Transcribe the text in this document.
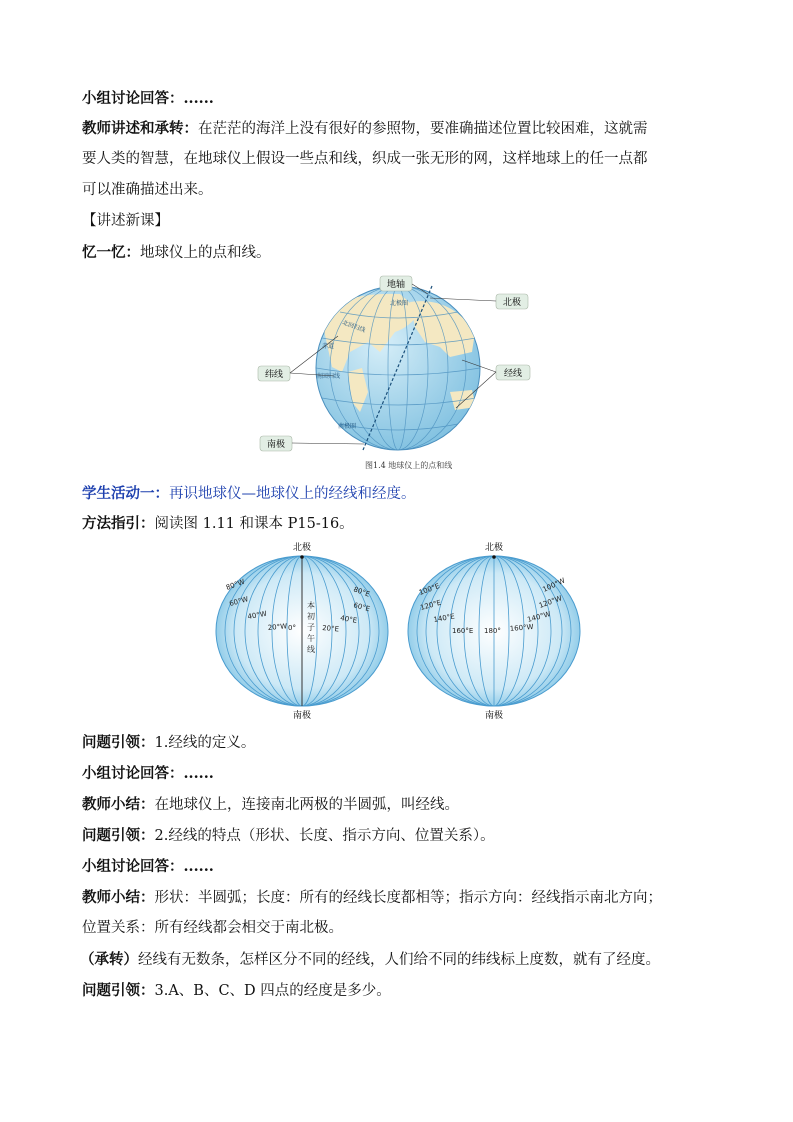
小组讨论回答：......
教师讲述和承转：在茫茫的海洋上没有很好的参照物，要准确描述位置比较困难，这就需
要人类的智慧，在地球仪上假设一些点和线，织成一张无形的网，这样地球上的任一点都
可以准确描述出来。
【讲述新课】
忆一忆：地球仪上的点和线。
北极圈
北回归线
赤道
南回归线
南极圈
地轴
北极
纬线	经线
南极
图1.4 地球仪上的点和线
学生活动一：再识地球仪—地球仪上的经线和经度。
方法指引：阅读图 1.11 和课本 P15-16。
北极
南极
本
初
子
午
线
80°W
60°W
40°W
20°W 0°	20°E
40°E
60°E
80°E
北极
南极
100°E
120°E
140°E
160°E 180° 160°W
140°W
120°W
100°W
问题引领：1.经线的定义。
小组讨论回答：......
教师小结：在地球仪上，连接南北两极的半圆弧，叫经线。
问题引领：2.经线的特点（形状、长度、指示方向、位置关系）。
小组讨论回答：......
教师小结：形状：半圆弧；长度：所有的经线长度都相等；指示方向：经线指示南北方向；
位置关系：所有经线都会相交于南北极。
（承转）经线有无数条，怎样区分不同的经线，人们给不同的纬线标上度数，就有了经度。
问题引领：3.A、B、C、D 四点的经度是多少。
